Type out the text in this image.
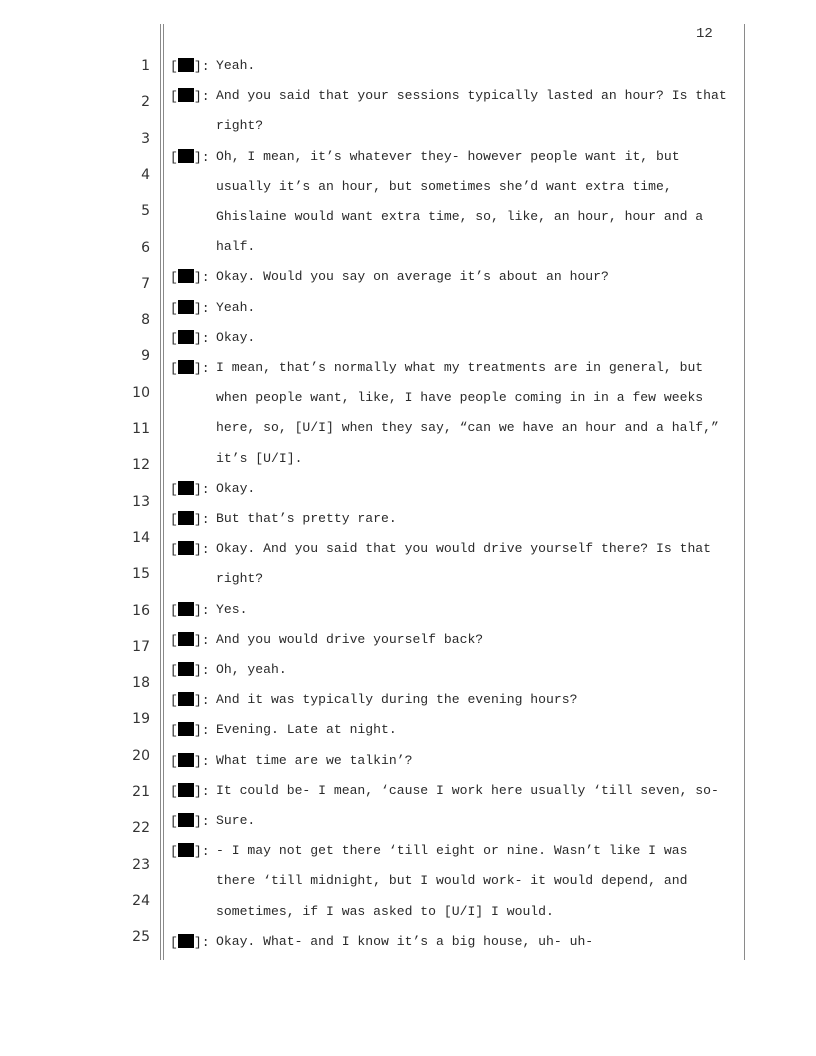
12
1
2
3
4
5
6
7
8
9
10
11
12
13
14
15
16
17
18
19
20
21
22
23
24
25
[ ]: Yeah.
[ ]: And you said that your sessions typically lasted an hour? Is that
right?
[ ]: Oh, I mean, it’s whatever they- however people want it, but
usually it’s an hour, but sometimes she’d want extra time,
Ghislaine would want extra time, so, like, an hour, hour and a
half.
[ ]: Okay. Would you say on average it’s about an hour?
[ ]: Yeah.
[ ]: Okay.
[ ]: I mean, that’s normally what my treatments are in general, but
when people want, like, I have people coming in in a few weeks
here, so, [U/I] when they say, “can we have an hour and a half,”
it’s [U/I].
[ ]: Okay.
[ ]: But that’s pretty rare.
[ ]: Okay. And you said that you would drive yourself there? Is that
right?
[ ]: Yes.
[ ]: And you would drive yourself back?
[ ]: Oh, yeah.
[ ]: And it was typically during the evening hours?
[ ]: Evening. Late at night.
[ ]: What time are we talkin’?
[ ]: It could be- I mean, ‘cause I work here usually ‘till seven, so-
[ ]: Sure.
[ ]: - I may not get there ‘till eight or nine. Wasn’t like I was
there ‘till midnight, but I would work- it would depend, and
sometimes, if I was asked to [U/I] I would.
[ ]: Okay. What- and I know it’s a big house, uh- uh-
